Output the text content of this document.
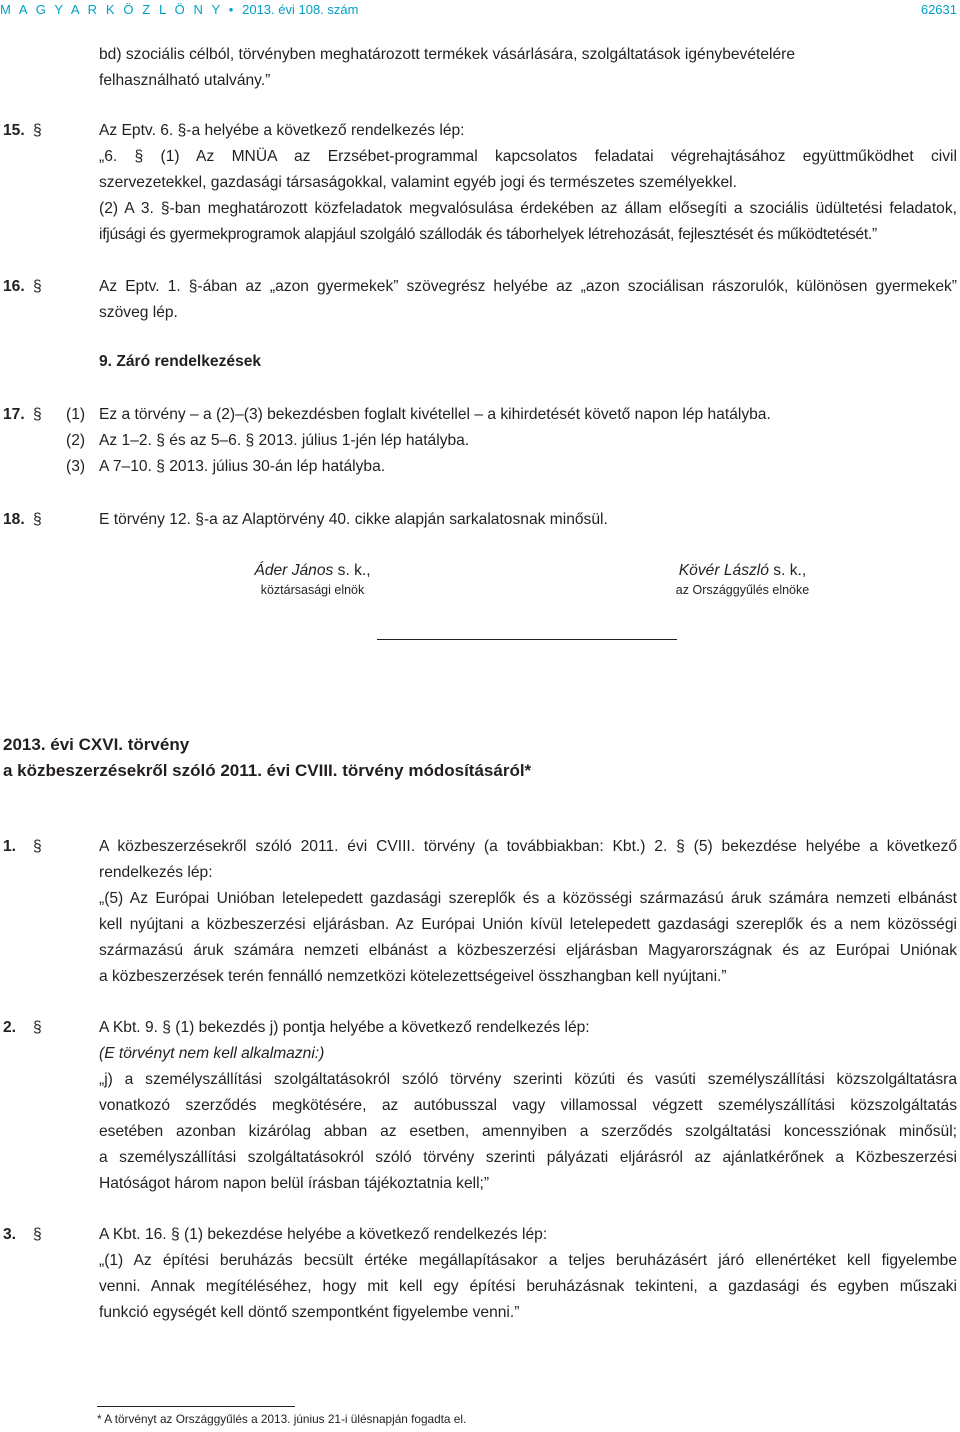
M A G Y A R K Ö Z L Ö N Y • 2013. évi 108. szám	62631
bd) szociális célból, törvényben meghatározott termékek vásárlására, szolgáltatások igénybevételére
felhasználható utalvány.”
15. §	Az Eptv. 6. §-a helyébe a következő rendelkezés lép:
„6. § (1) Az MNÜA az Erzsébet-programmal kapcsolatos feladatai végrehajtásához együttműködhet civil
szervezetekkel, gazdasági társaságokkal, valamint egyéb jogi és természetes személyekkel.
(2) A 3. §-ban meghatározott közfeladatok megvalósulása érdekében az állam elősegíti a szociális üdültetési feladatok,
ifjúsági és gyermekprogramok alapjául szolgáló szállodák és táborhelyek létrehozását, fejlesztését és működtetését.”
16. §	Az Eptv. 1. §-ában az „azon gyermekek” szövegrész helyébe az „azon szociálisan rászorulók, különösen gyermekek”
szöveg lép.
9. Záró rendelkezések
17. § (1) Ez a törvény – a (2)–(3) bekezdésben foglalt kivétellel – a kihirdetését követő napon lép hatályba.
(2) Az 1–2. § és az 5–6. § 2013. július 1-jén lép hatályba.
(3) A 7–10. § 2013. július 30-án lép hatályba.
18. §	E törvény 12. §-a az Alaptörvény 40. cikke alapján sarkalatosnak minősül.
Áder János s. k.,
köztársasági elnök
Kövér László s. k.,
az Országgyűlés elnöke
2013. évi CXVI. törvény
a közbeszerzésekről szóló 2011. évi CVIII. törvény módosításáról*
1. §	A közbeszerzésekről szóló 2011. évi CVIII. törvény (a továbbiakban: Kbt.) 2. § (5) bekezdése helyébe a következő
rendelkezés lép:
„(5) Az Európai Unióban letelepedett gazdasági szereplők és a közösségi származású áruk számára nemzeti elbánást
kell nyújtani a közbeszerzési eljárásban. Az Európai Unión kívül letelepedett gazdasági szereplők és a nem közösségi
származású áruk számára nemzeti elbánást a közbeszerzési eljárásban Magyarországnak és az Európai Uniónak
a közbeszerzések terén fennálló nemzetközi kötelezettségeivel összhangban kell nyújtani.”
2. §	A Kbt. 9. § (1) bekezdés j) pontja helyébe a következő rendelkezés lép:
(E törvényt nem kell alkalmazni:)
„j) a személyszállítási szolgáltatásokról szóló törvény szerinti közúti és vasúti személyszállítási közszolgáltatásra
vonatkozó szerződés megkötésére, az autóbusszal vagy villamossal végzett személyszállítási közszolgáltatás
esetében azonban kizárólag abban az esetben, amennyiben a szerződés szolgáltatási koncessziónak minősül;
a személyszállítási szolgáltatásokról szóló törvény szerinti pályázati eljárásról az ajánlatkérőnek a Közbeszerzési
Hatóságot három napon belül írásban tájékoztatnia kell;”
3. §	A Kbt. 16. § (1) bekezdése helyébe a következő rendelkezés lép:
„(1) Az építési beruházás becsült értéke megállapításakor a teljes beruházásért járó ellenértéket kell figyelembe
venni. Annak megítéléséhez, hogy mit kell egy építési beruházásnak tekinteni, a gazdasági és egyben műszaki
funkció egységét kell döntő szempontként figyelembe venni.”
* A törvényt az Országgyűlés a 2013. június 21-i ülésnapján fogadta el.
